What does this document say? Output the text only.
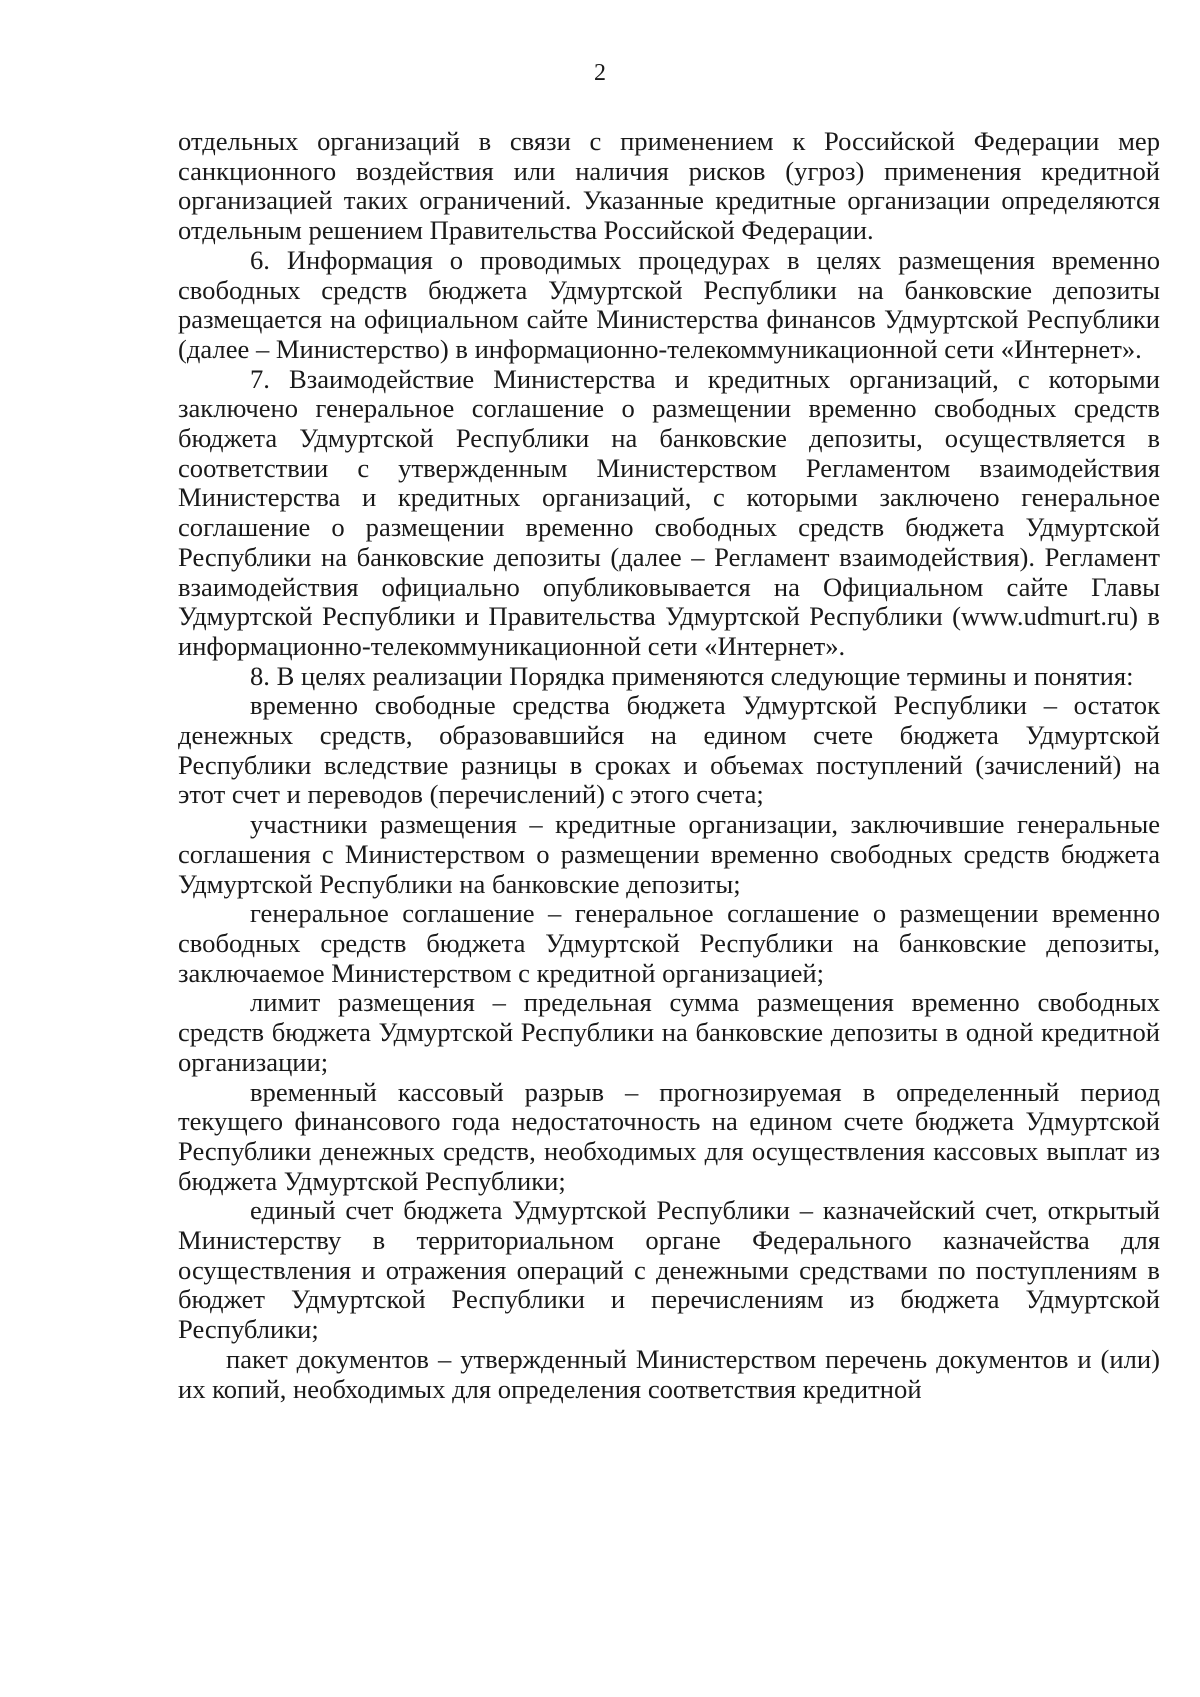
2

отдельных организаций в связи с применением к Российской Федерации мер санкционного воздействия или наличия рисков (угроз) применения кредитной организацией таких ограничений. Указанные кредитные организации определяются отдельным решением Правительства Российской Федерации.

6. Информация о проводимых процедурах в целях размещения временно свободных средств бюджета Удмуртской Республики на банковские депозиты размещается на официальном сайте Министерства финансов Удмуртской Республики (далее – Министерство) в информационно-телекоммуникационной сети «Интернет».

7. Взаимодействие Министерства и кредитных организаций, с которыми заключено генеральное соглашение о размещении временно свободных средств бюджета Удмуртской Республики на банковские депозиты, осуществляется в соответствии с утвержденным Министерством Регламентом взаимодействия Министерства и кредитных организаций, с которыми заключено генеральное соглашение о размещении временно свободных средств бюджета Удмуртской Республики на банковские депозиты (далее – Регламент взаимодействия). Регламент взаимодействия официально опубликовывается на Официальном сайте Главы Удмуртской Республики и Правительства Удмуртской Республики (www.udmurt.ru) в информационно-телекоммуникационной сети «Интернет».

8. В целях реализации Порядка применяются следующие термины и понятия:

временно свободные средства бюджета Удмуртской Республики – остаток денежных средств, образовавшийся на едином счете бюджета Удмуртской Республики вследствие разницы в сроках и объемах поступлений (зачислений) на этот счет и переводов (перечислений) с этого счета;

участники размещения – кредитные организации, заключившие генеральные соглашения с Министерством о размещении временно свободных средств бюджета Удмуртской Республики на банковские депозиты;

генеральное соглашение – генеральное соглашение о размещении временно свободных средств бюджета Удмуртской Республики на банковские депозиты, заключаемое Министерством с кредитной организацией;

лимит размещения – предельная сумма размещения временно свободных средств бюджета Удмуртской Республики на банковские депозиты в одной кредитной организации;

временный кассовый разрыв – прогнозируемая в определенный период текущего финансового года недостаточность на едином счете бюджета Удмуртской Республики денежных средств, необходимых для осуществления кассовых выплат из бюджета Удмуртской Республики;

единый счет бюджета Удмуртской Республики – казначейский счет, открытый Министерству в территориальном органе Федерального казначейства для осуществления и отражения операций с денежными средствами по поступлениям в бюджет Удмуртской Республики и перечислениям из бюджета Удмуртской Республики;

пакет документов – утвержденный Министерством перечень документов и (или) их копий, необходимых для определения соответствия кредитной
